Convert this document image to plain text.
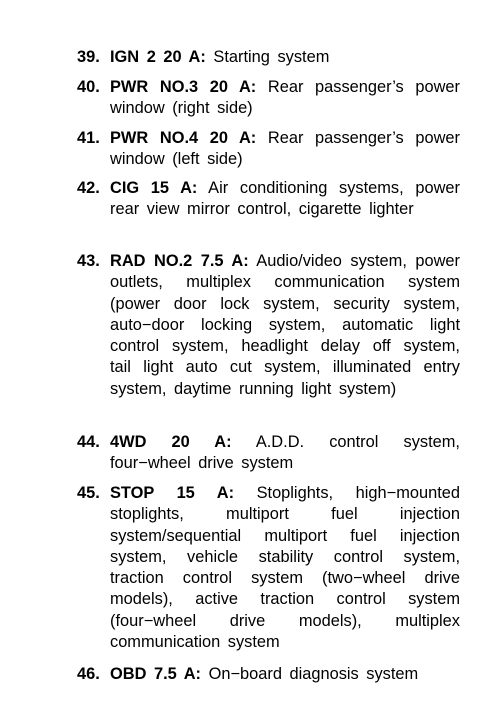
39. IGN 2 20 A: Starting system
40. PWR NO.3 20 A: Rear passenger’s power window (right side)
41. PWR NO.4 20 A: Rear passenger’s power window (left side)
42. CIG 15 A: Air conditioning systems, power rear view mirror control, cigarette lighter
43. RAD NO.2 7.5 A: Audio/video system, power outlets, multiplex communication system (power door lock system, security system, auto−door locking system, automatic light control system, headlight delay off system, tail light auto cut system, illuminated entry system, daytime running light system)
44. 4WD 20 A: A.D.D. control system, four−wheel drive system
45. STOP 15 A: Stoplights, high−mounted stoplights, multiport fuel injection system/sequential multiport fuel injection system, vehicle stability control system, traction control system (two−wheel drive models), active traction control system (four−wheel drive models), multiplex communication system
46. OBD 7.5 A: On−board diagnosis system
